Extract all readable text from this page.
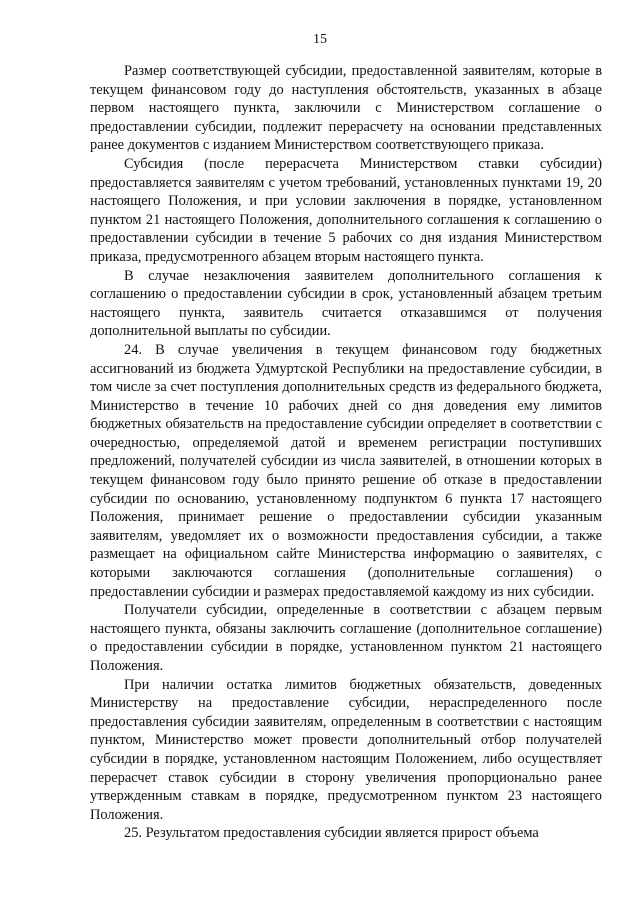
15

Размер соответствующей субсидии, предоставленной заявителям, которые в текущем финансовом году до наступления обстоятельств, указанных в абзаце первом настоящего пункта, заключили с Министерством соглашение о предоставлении субсидии, подлежит перерасчету на основании представленных ранее документов с изданием Министерством соответствующего приказа.

Субсидия (после перерасчета Министерством ставки субсидии) предоставляется заявителям с учетом требований, установленных пунктами 19, 20 настоящего Положения, и при условии заключения в порядке, установленном пунктом 21 настоящего Положения, дополнительного соглашения к соглашению о предоставлении субсидии в течение 5 рабочих со дня издания Министерством приказа, предусмотренного абзацем вторым настоящего пункта.

В случае незаключения заявителем дополнительного соглашения к соглашению о предоставлении субсидии в срок, установленный абзацем третьим настоящего пункта, заявитель считается отказавшимся от получения дополнительной выплаты по субсидии.

24. В случае увеличения в текущем финансовом году бюджетных ассигнований из бюджета Удмуртской Республики на предоставление субсидии, в том числе за счет поступления дополнительных средств из федерального бюджета, Министерство в течение 10 рабочих дней со дня доведения ему лимитов бюджетных обязательств на предоставление субсидии определяет в соответствии с очередностью, определяемой датой и временем регистрации поступивших предложений, получателей субсидии из числа заявителей, в отношении которых в текущем финансовом году было принято решение об отказе в предоставлении субсидии по основанию, установленному подпунктом 6 пункта 17 настоящего Положения, принимает решение о предоставлении субсидии указанным заявителям, уведомляет их о возможности предоставления субсидии, а также размещает на официальном сайте Министерства информацию о заявителях, с которыми заключаются соглашения (дополнительные соглашения) о предоставлении субсидии и размерах предоставляемой каждому из них субсидии.

Получатели субсидии, определенные в соответствии с абзацем первым настоящего пункта, обязаны заключить соглашение (дополнительное соглашение) о предоставлении субсидии в порядке, установленном пунктом 21 настоящего Положения.

При наличии остатка лимитов бюджетных обязательств, доведенных Министерству на предоставление субсидии, нераспределенного после предоставления субсидии заявителям, определенным в соответствии с настоящим пунктом, Министерство может провести дополнительный отбор получателей субсидии в порядке, установленном настоящим Положением, либо осуществляет перерасчет ставок субсидии в сторону увеличения пропорционально ранее утвержденным ставкам в порядке, предусмотренном пунктом 23 настоящего Положения.

25. Результатом предоставления субсидии является прирост объема
